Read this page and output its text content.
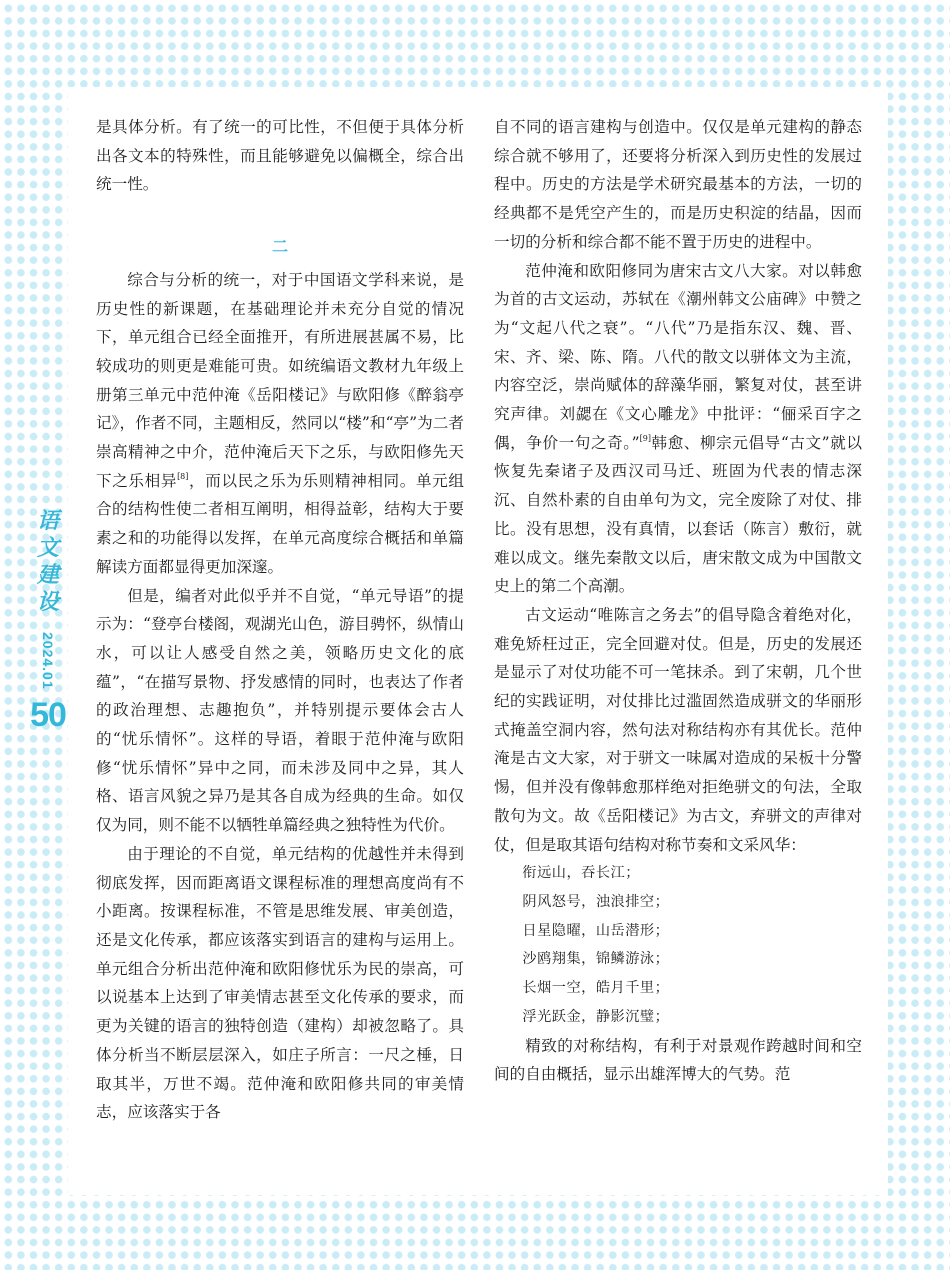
语
文
建
设
2024.01
50

是具体分析。有了统一的可比性，不但便于具体分析出各文本的特殊性，而且能够避免以偏概全，综合出统一性。

二

综合与分析的统一，对于中国语文学科来说，是历史性的新课题，在基础理论并未充分自觉的情况下，单元组合已经全面推开，有所进展甚属不易，比较成功的则更是难能可贵。如统编语文教材九年级上册第三单元中范仲淹《岳阳楼记》与欧阳修《醉翁亭记》，作者不同，主题相反，然同以“楼”和“亭”为二者崇高精神之中介，范仲淹后天下之乐，与欧阳修先天下之乐相异[8]，而以民之乐为乐则精神相同。单元组合的结构性使二者相互阐明，相得益彰，结构大于要素之和的功能得以发挥，在单元高度综合概括和单篇解读方面都显得更加深邃。

但是，编者对此似乎并不自觉，“单元导语”的提示为：“登亭台楼阁，观湖光山色，游目骋怀，纵情山水，可以让人感受自然之美，领略历史文化的底蕴”，“在描写景物、抒发感情的同时，也表达了作者的政治理想、志趣抱负”，并特别提示要体会古人的“忧乐情怀”。这样的导语，着眼于范仲淹与欧阳修“忧乐情怀”异中之同，而未涉及同中之异，其人格、语言风貌之异乃是其各自成为经典的生命。如仅仅为同，则不能不以牺牲单篇经典之独特性为代价。

由于理论的不自觉，单元结构的优越性并未得到彻底发挥，因而距离语文课程标准的理想高度尚有不小距离。按课程标准，不管是思维发展、审美创造，还是文化传承，都应该落实到语言的建构与运用上。单元组合分析出范仲淹和欧阳修忧乐为民的崇高，可以说基本上达到了审美情志甚至文化传承的要求，而更为关键的语言的独特创造（建构）却被忽略了。具体分析当不断层层深入，如庄子所言：一尺之棰，日取其半，万世不竭。范仲淹和欧阳修共同的审美情志，应该落实于各

自不同的语言建构与创造中。仅仅是单元建构的静态综合就不够用了，还要将分析深入到历史性的发展过程中。历史的方法是学术研究最基本的方法，一切的经典都不是凭空产生的，而是历史积淀的结晶，因而一切的分析和综合都不能不置于历史的进程中。

范仲淹和欧阳修同为唐宋古文八大家。对以韩愈为首的古文运动，苏轼在《潮州韩文公庙碑》中赞之为“文起八代之衰”。“八代”乃是指东汉、魏、晋、宋、齐、梁、陈、隋。八代的散文以骈体文为主流，内容空泛，崇尚赋体的辞藻华丽，繁复对仗，甚至讲究声律。刘勰在《文心雕龙》中批评：“俪采百字之偶，争价一句之奇。”[9]韩愈、柳宗元倡导“古文”就以恢复先秦诸子及西汉司马迁、班固为代表的情志深沉、自然朴素的自由单句为文，完全废除了对仗、排比。没有思想，没有真情，以套话（陈言）敷衍，就难以成文。继先秦散文以后，唐宋散文成为中国散文史上的第二个高潮。

古文运动“唯陈言之务去”的倡导隐含着绝对化，难免矫枉过正，完全回避对仗。但是，历史的发展还是显示了对仗功能不可一笔抹杀。到了宋朝，几个世纪的实践证明，对仗排比过滥固然造成骈文的华丽形式掩盖空洞内容，然句法对称结构亦有其优长。范仲淹是古文大家，对于骈文一味属对造成的呆板十分警惕，但并没有像韩愈那样绝对拒绝骈文的句法，全取散句为文。故《岳阳楼记》为古文，弃骈文的声律对仗，但是取其语句结构对称节奏和文采风华：

衔远山，吞长江；

阴风怒号，浊浪排空；

日星隐曜，山岳潜形；

沙鸥翔集，锦鳞游泳；

长烟一空，皓月千里；

浮光跃金，静影沉璧；

精致的对称结构，有利于对景观作跨越时间和空间的自由概括，显示出雄浑博大的气势。范
